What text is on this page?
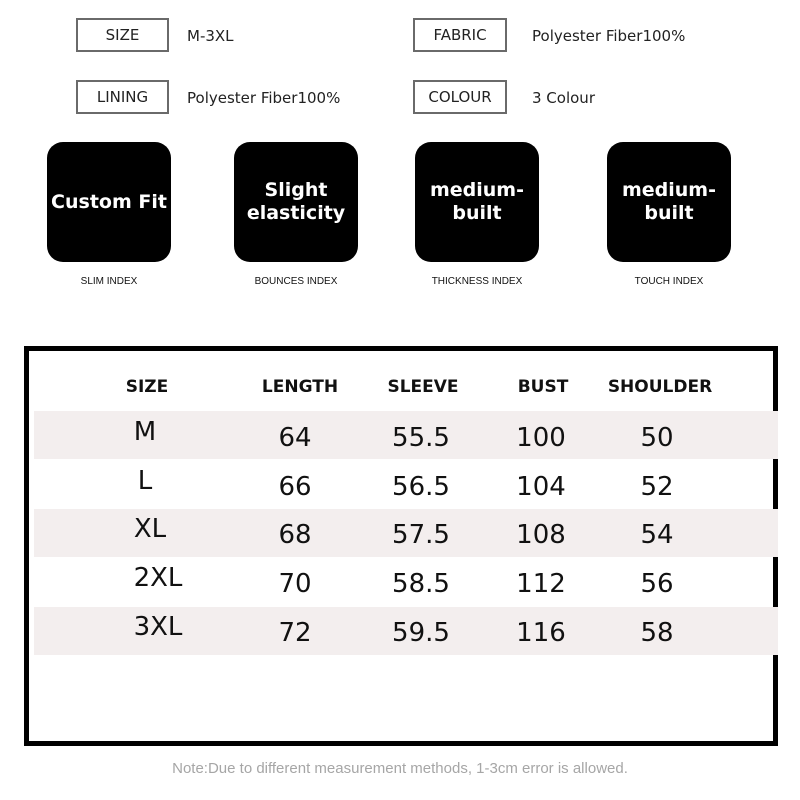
SIZE	M-3XL	FABRIC	Polyester Fiber100%
LINING	Polyester Fiber100%	COLOUR	3 Colour
Custom Fit
SLIM INDEX
Slight
elasticity
BOUNCES INDEX
medium-
built
THICKNESS INDEX
medium-
built
TOUCH INDEX
SIZE	LENGTH	SLEEVE	BUST	SHOULDER
M	64	55.5	100	50
L	66	56.5	104	52
XL	68	57.5	108	54
2XL	70	58.5	112	56
3XL	72	59.5	116	58
Note:Due to different measurement methods, 1-3cm error is allowed.
